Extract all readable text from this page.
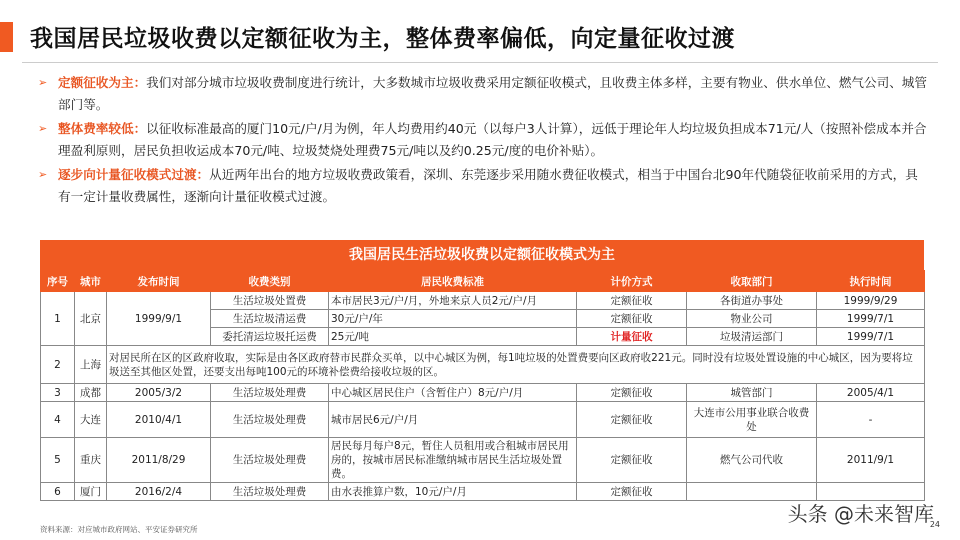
我国居民垃圾收费以定额征收为主，整体费率偏低，向定量征收过渡
➢ 定额征收为主：我们对部分城市垃圾收费制度进行统计，大多数城市垃圾收费采用定额征收模式，且收费主体多样，主要有物业、供水单位、燃气公司、城管部门等。
➢ 整体费率较低：以征收标准最高的厦门10元/户/月为例，年人均费用约40元（以每户3人计算），远低于理论年人均垃圾负担成本71元/人（按照补偿成本并合理盈利原则，居民负担收运成本70元/吨、垃圾焚烧处理费75元/吨以及约0.25元/度的电价补贴）。
➢ 逐步向计量征收模式过渡：从近两年出台的地方垃圾收费政策看，深圳、东莞逐步采用随水费征收模式，相当于中国台北90年代随袋征收前采用的方式，具有一定计量收费属性，逐渐向计量征收模式过渡。
我国居民生活垃圾收费以定额征收模式为主
序号	城市	发布时间	收费类别	居民收费标准	计价方式	收取部门	执行时间
1	北京	1999/9/1	生活垃圾处置费	本市居民3元/户/月，外地来京人员2元/户/月	定额征收	各街道办事处	1999/9/29
			生活垃圾清运费	30元/户/年	定额征收	物业公司	1999/7/1
			委托清运垃圾托运费	25元/吨	计量征收	垃圾清运部门	1999/7/1
2	上海	对居民所在区的区政府收取，实际是由各区政府替市民群众买单，以中心城区为例，每1吨垃圾的处置费要向区政府收221元。同时没有垃圾处置设施的中心城区，因为要将垃圾送至其他区处置，还要支出每吨100元的环境补偿费给接收垃圾的区。					
3	成都	2005/3/2	生活垃圾处理费	中心城区居民住户（含暂住户）8元/户/月	定额征收	城管部门	2005/4/1
4	大连	2010/4/1	生活垃圾处理费	城市居民6元/户/月	定额征收	大连市公用事业联合收费处	-
5	重庆	2011/8/29	生活垃圾处理费	居民每月每户8元，暂住人员租用或合租城市居民用房的，按城市居民标准缴纳城市居民生活垃圾处置费。	定额征收	燃气公司代收	2011/9/1
6	厦门	2016/2/4	生活垃圾处理费	由水表推算户数，10元/户/月	定额征收		
资料来源：对应城市政府网站、平安证券研究所
头条 @未来智库
24
